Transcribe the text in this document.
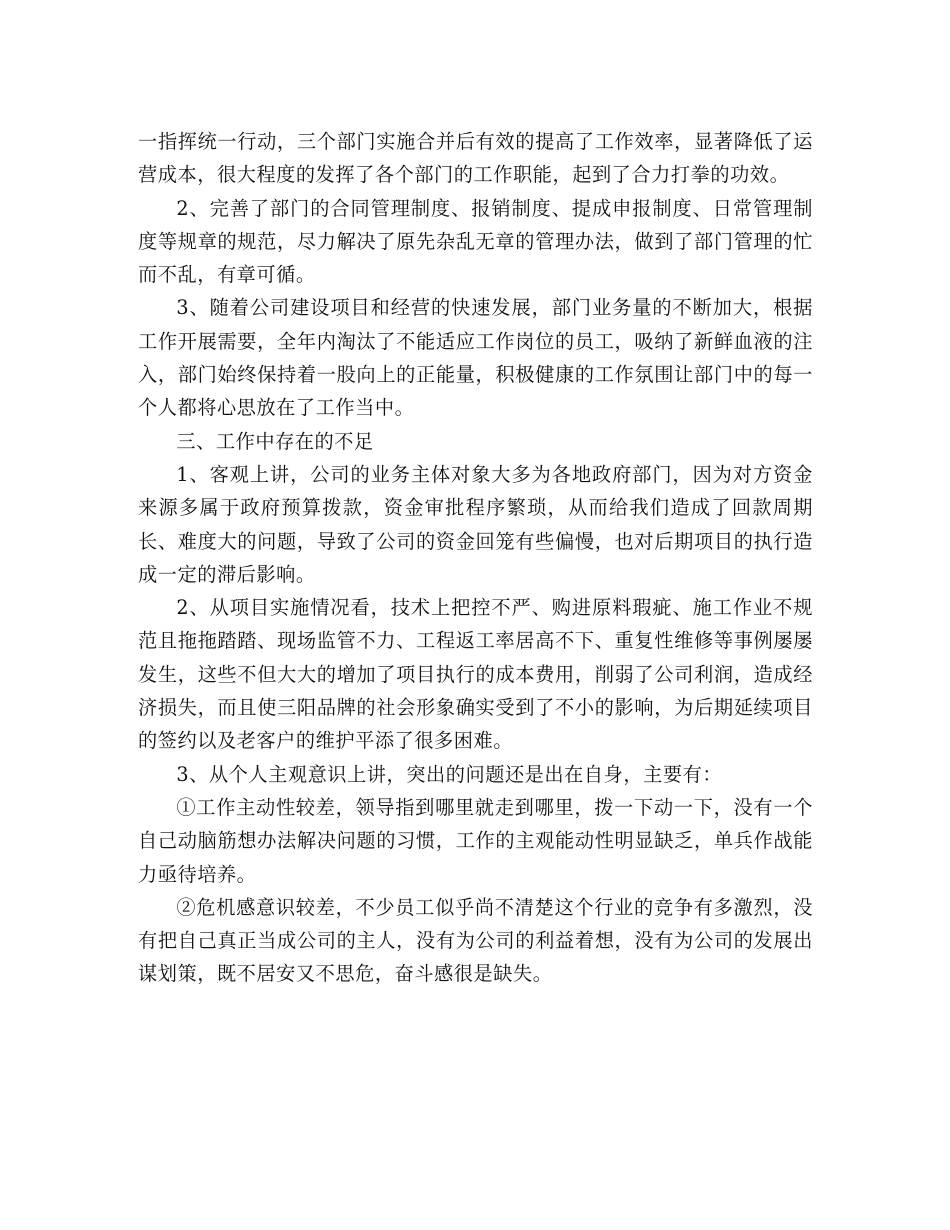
一指挥统一行动，三个部门实施合并后有效的提高了工作效率，显著降低了运营成本，很大程度的发挥了各个部门的工作职能，起到了合力打拳的功效。

2、完善了部门的合同管理制度、报销制度、提成申报制度、日常管理制度等规章的规范，尽力解决了原先杂乱无章的管理办法，做到了部门管理的忙而不乱，有章可循。

3、随着公司建设项目和经营的快速发展，部门业务量的不断加大，根据工作开展需要，全年内淘汰了不能适应工作岗位的员工，吸纳了新鲜血液的注入，部门始终保持着一股向上的正能量，积极健康的工作氛围让部门中的每一个人都将心思放在了工作当中。

三、工作中存在的不足

1、客观上讲，公司的业务主体对象大多为各地政府部门，因为对方资金来源多属于政府预算拨款，资金审批程序繁琐，从而给我们造成了回款周期长、难度大的问题，导致了公司的资金回笼有些偏慢，也对后期项目的执行造成一定的滞后影响。

2、从项目实施情况看，技术上把控不严、购进原料瑕疵、施工作业不规范且拖拖踏踏、现场监管不力、工程返工率居高不下、重复性维修等事例屡屡发生，这些不但大大的增加了项目执行的成本费用，削弱了公司利润，造成经济损失，而且使三阳品牌的社会形象确实受到了不小的影响，为后期延续项目的签约以及老客户的维护平添了很多困难。

3、从个人主观意识上讲，突出的问题还是出在自身，主要有：

①工作主动性较差，领导指到哪里就走到哪里，拨一下动一下，没有一个自己动脑筋想办法解决问题的习惯，工作的主观能动性明显缺乏，单兵作战能力亟待培养。

②危机感意识较差，不少员工似乎尚不清楚这个行业的竞争有多激烈，没有把自己真正当成公司的主人，没有为公司的利益着想，没有为公司的发展出谋划策，既不居安又不思危，奋斗感很是缺失。
